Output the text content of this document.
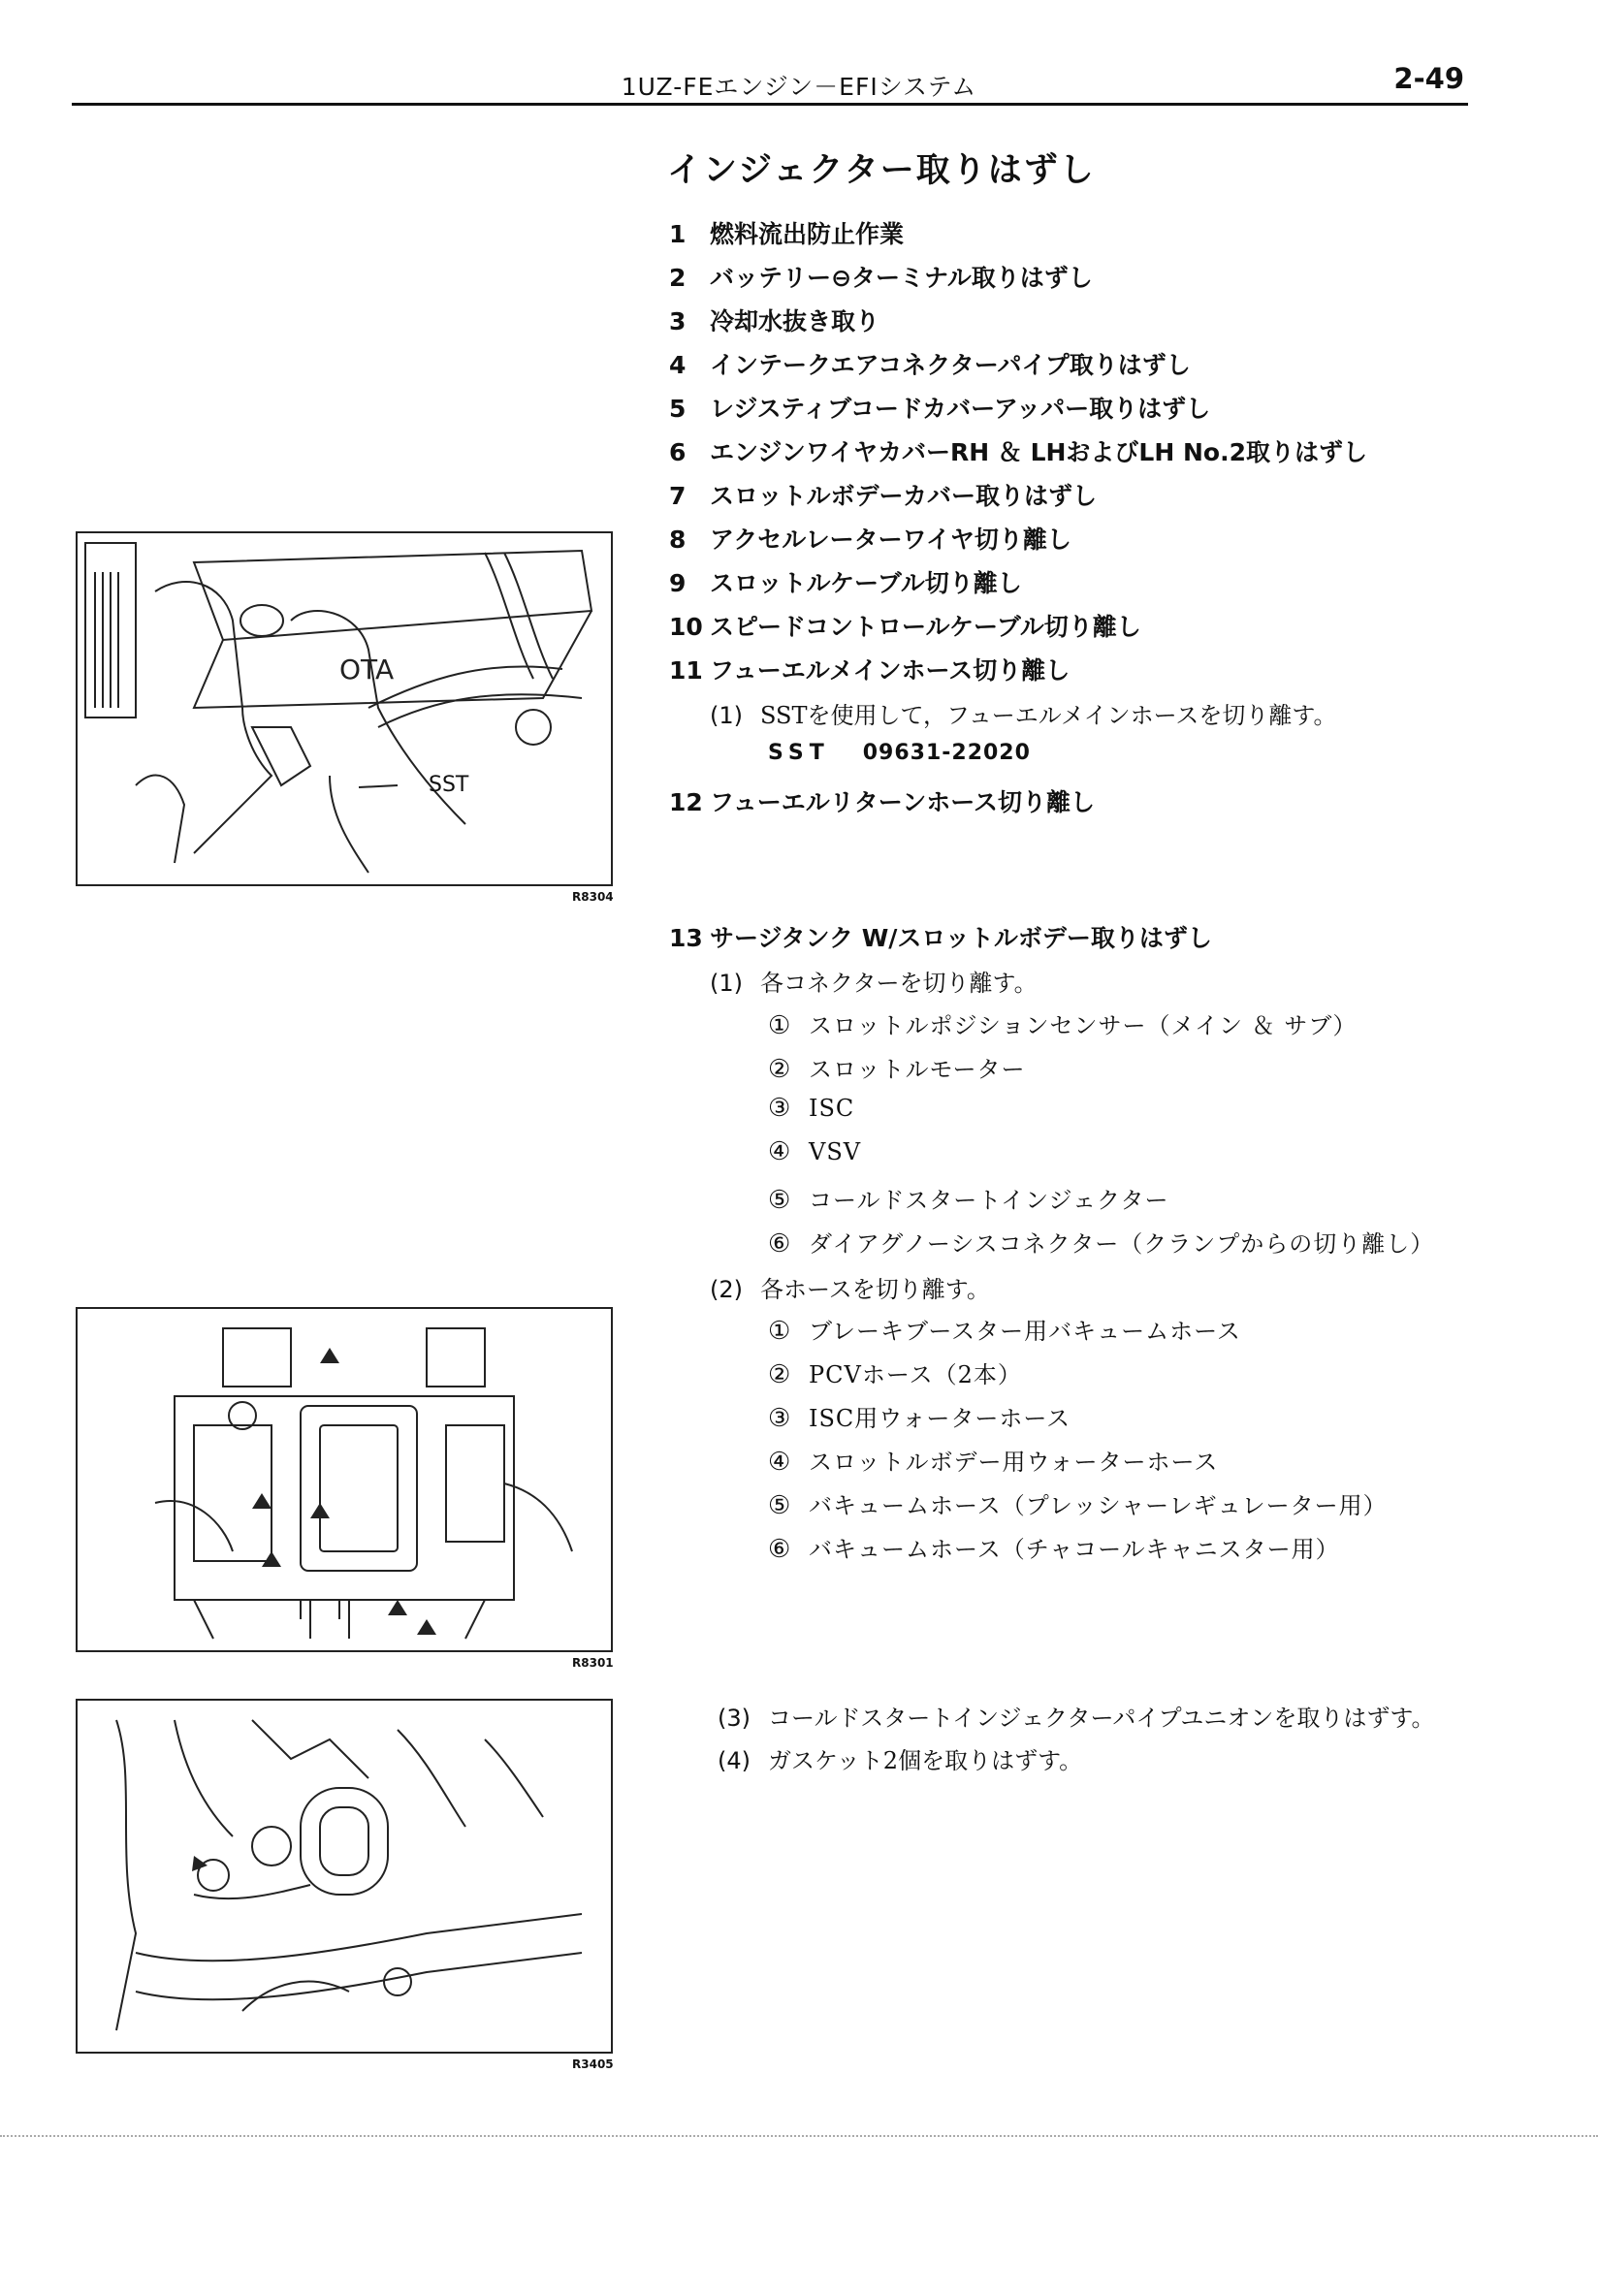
1UZ-FEエンジン－EFIシステム	2-49
インジェクター取りはずし
1 燃料流出防止作業
2 バッテリー⊖ターミナル取りはずし
3 冷却水抜き取り
4 インテークエアコネクターパイプ取りはずし
5 レジスティブコードカバーアッパー取りはずし
6 エンジンワイヤカバーRH ＆ LHおよびLH No.2取りはずし
7 スロットルボデーカバー取りはずし
8 アクセルレーターワイヤ切り離し
9 スロットルケーブル切り離し
10 スピードコントロールケーブル切り離し
11 フューエルメインホース切り離し
(1) SSTを使用して，フューエルメインホースを切り離す。
SST 09631-22020
12 フューエルリターンホース切り離し
13 サージタンク W/スロットルボデー取りはずし
(1) 各コネクターを切り離す。
① スロットルポジションセンサー（メイン ＆ サブ）
② スロットルモーター
③ ISC
④ VSV
⑤ コールドスタートインジェクター
⑥ ダイアグノーシスコネクター（クランプからの切り離し）
(2) 各ホースを切り離す。
① ブレーキブースター用バキュームホース
② PCVホース（2本）
③ ISC用ウォーターホース
④ スロットルボデー用ウォーターホース
⑤ バキュームホース（プレッシャーレギュレーター用）
⑥ バキュームホース（チャコールキャニスター用）
(3) コールドスタートインジェクターパイプユニオンを取りはずす。
(4) ガスケット2個を取りはずす。
OTA
SST
R8304
R8301
R3405
